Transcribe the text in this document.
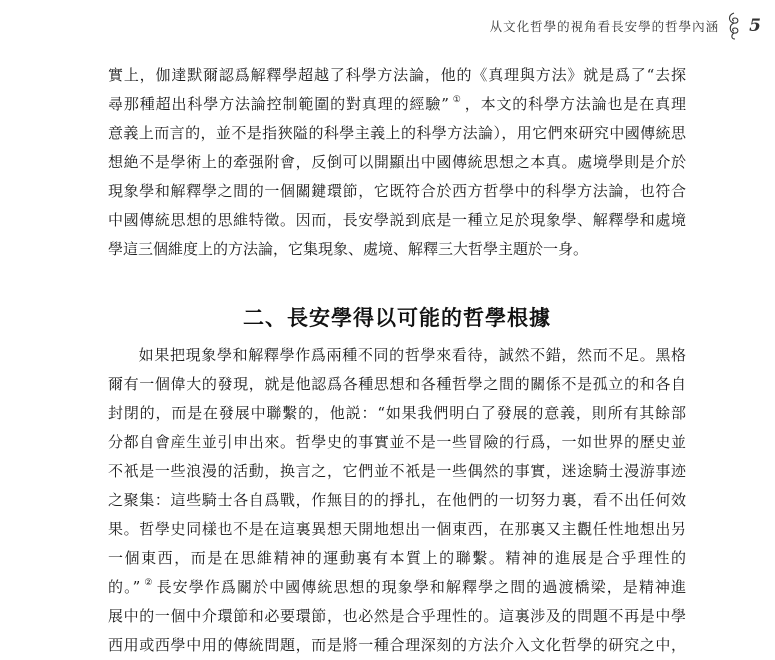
从文化哲學的視角看長安學的哲學內涵 5
實上，伽達默爾認爲解釋學超越了科學方法論，他的《真理與方法》就是爲了“去探
尋那種超出科學方法論控制範圍的對真理的經驗” ① ，本文的科學方法論也是在真理
意義上而言的，並不是指狹隘的科學主義上的科學方法論），用它們來研究中國傳統思
想絶不是學術上的牽强附會，反倒可以開顯出中國傳統思想之本真。處境學則是介於
現象學和解釋學之間的一個關鍵環節，它既符合於西方哲學中的科學方法論，也符合
中國傳統思想的思維特徵。因而，長安學説到底是一種立足於現象學、解釋學和處境
學這三個維度上的方法論，它集現象、處境、解釋三大哲學主題於一身。
二、長安學得以可能的哲學根據
如果把現象學和解釋學作爲兩種不同的哲學來看待，誠然不錯，然而不足。黑格
爾有一個偉大的發現，就是他認爲各種思想和各種哲學之間的關係不是孤立的和各自
封閉的，而是在發展中聯繫的，他説：“如果我們明白了發展的意義，則所有其餘部
分都自會産生並引申出來。哲學史的事實並不是一些冒險的行爲，一如世界的歷史並
不衹是一些浪漫的活動，换言之，它們並不衹是一些偶然的事實，迷途騎士漫游事迹
之聚集：這些騎士各自爲戰，作無目的的掙扎，在他們的一切努力裏，看不出任何效
果。哲學史同樣也不是在這裏異想天開地想出一個東西，在那裏又主觀任性地想出另
一個東西，而是在思維精神的運動裏有本質上的聯繫。精神的進展是合乎理性的
的。” ② 長安學作爲關於中國傳統思想的現象學和解釋學之間的過渡橋梁，是精神進
展中的一個中介環節和必要環節，也必然是合乎理性的。這裏涉及的問題不再是中學
西用或西學中用的傳統問題，而是將一種合理深刻的方法介入文化哲學的研究之中，
